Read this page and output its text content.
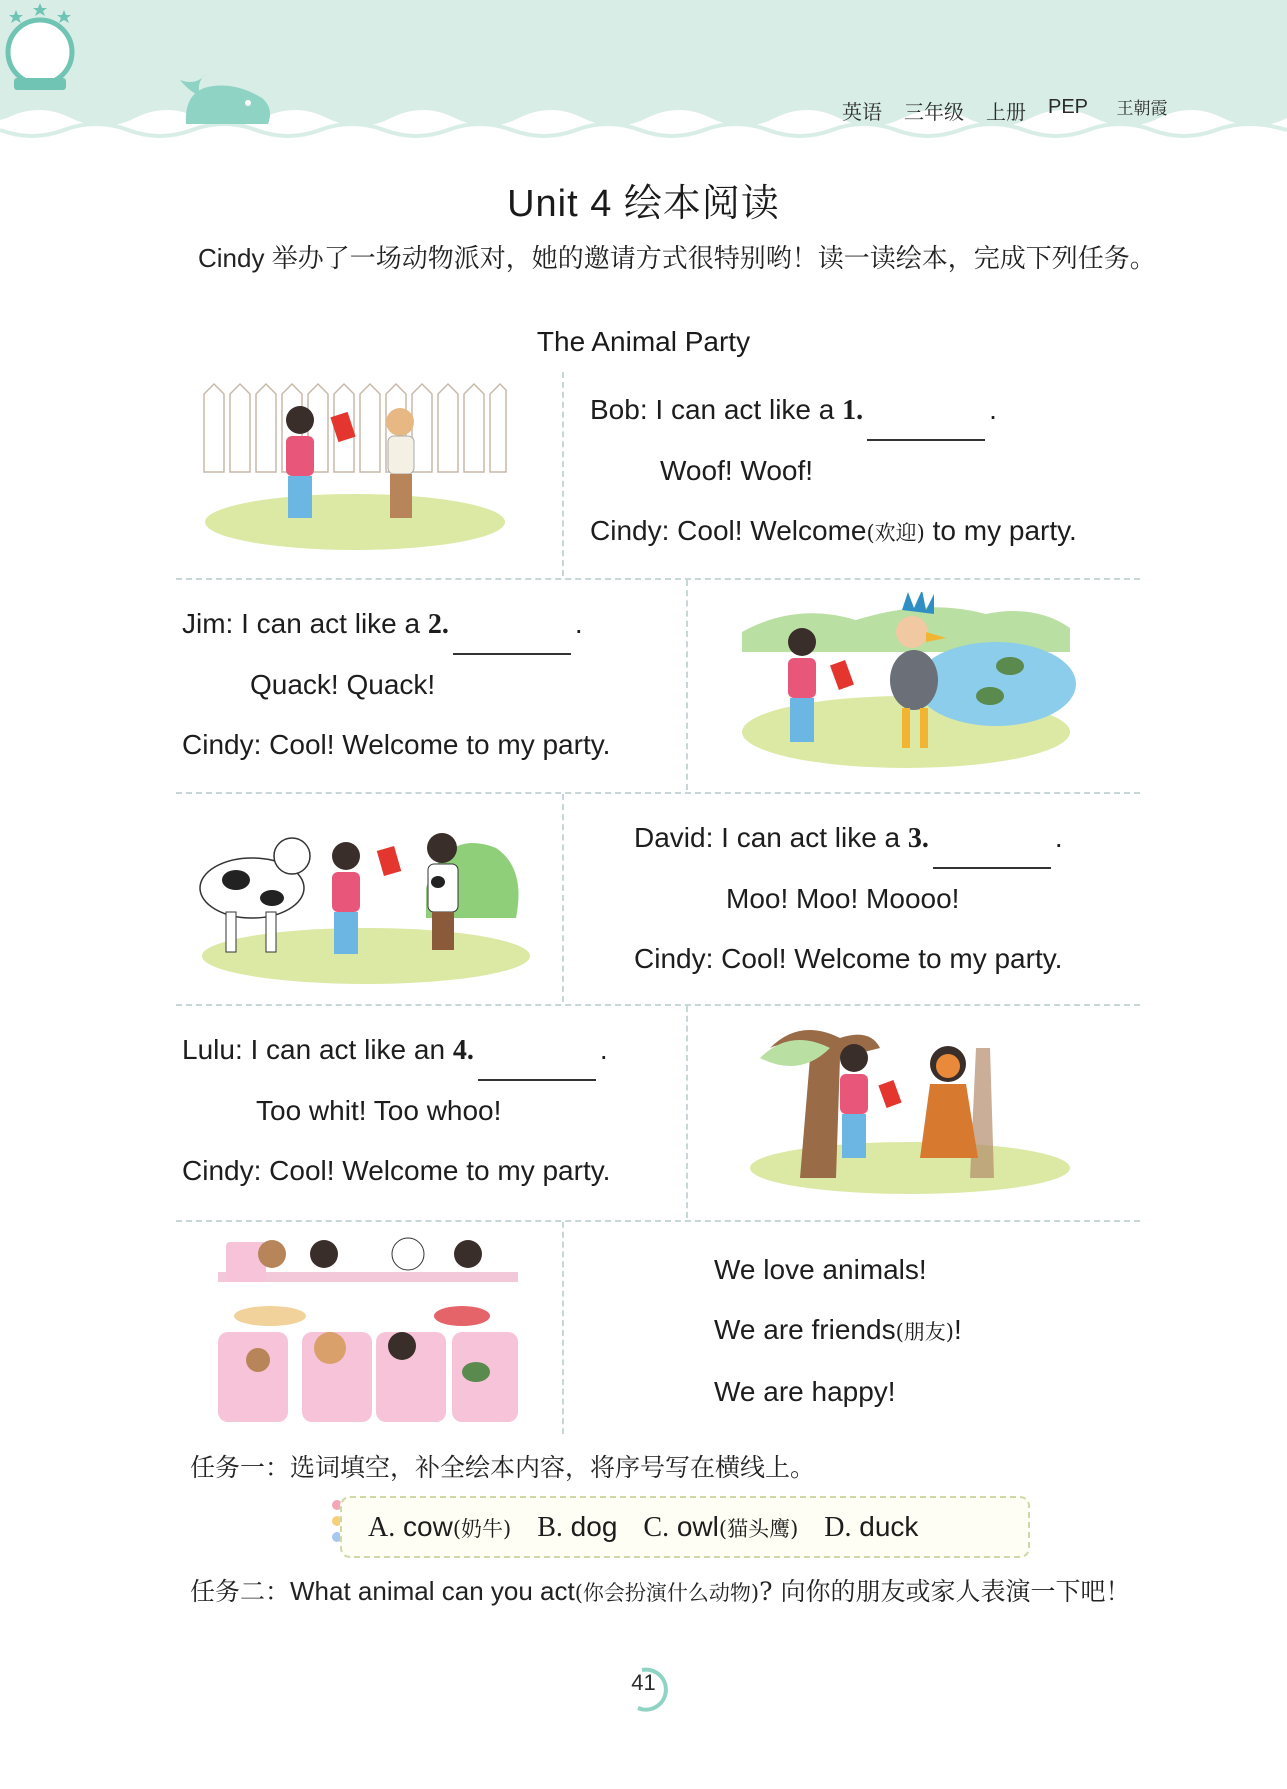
英语 三年级 上册 PEP 王朝霞
Unit 4 绘本阅读
Cindy 举办了一场动物派对，她的邀请方式很特别哟！读一读绘本，完成下列任务。
The Animal Party
Bob: I can act like a 1.	.
Woof! Woof!
Cindy: Cool! Welcome(欢迎) to my party.
Jim: I can act like a 2.	.
Quack! Quack!
Cindy: Cool! Welcome to my party.
David: I can act like a 3.	.
Moo! Moo! Moooo!
Cindy: Cool! Welcome to my party.
Lulu: I can act like an 4.	.
Too whit! Too whoo!
Cindy: Cool! Welcome to my party.
We love animals!
We are friends(朋友)!
We are happy!
任务一：选词填空，补全绘本内容，将序号写在横线上。
A. cow(奶牛) B. dog C. owl(猫头鹰) D. duck
任务二：What animal can you act(你会扮演什么动物)? 向你的朋友或家人表演一下吧！
41
